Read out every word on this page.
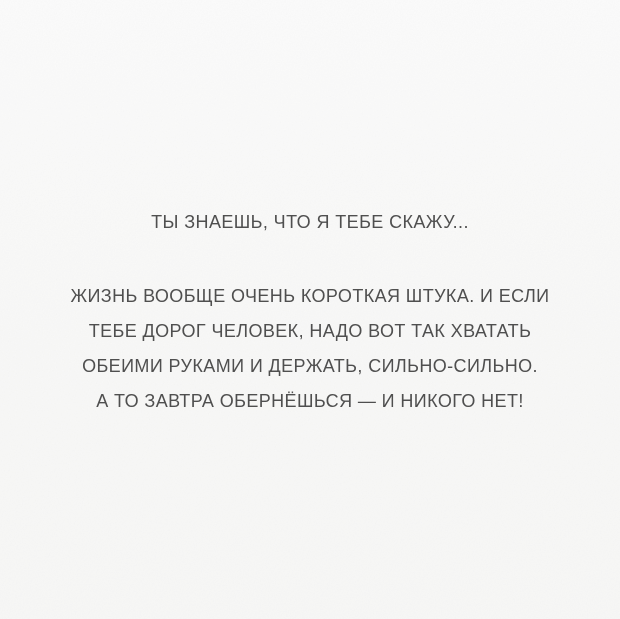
ТЫ ЗНАЕШЬ, ЧТО Я ТЕБЕ СКАЖУ...
ЖИЗНЬ ВООБЩЕ ОЧЕНЬ КОРОТКАЯ ШТУКА. И ЕСЛИ
ТЕБЕ ДОРОГ ЧЕЛОВЕК, НАДО ВОТ ТАК ХВАТАТЬ
ОБЕИМИ РУКАМИ И ДЕРЖАТЬ, СИЛЬНО-СИЛЬНО.
А ТО ЗАВТРА ОБЕРНЁШЬСЯ — И НИКОГО НЕТ!
